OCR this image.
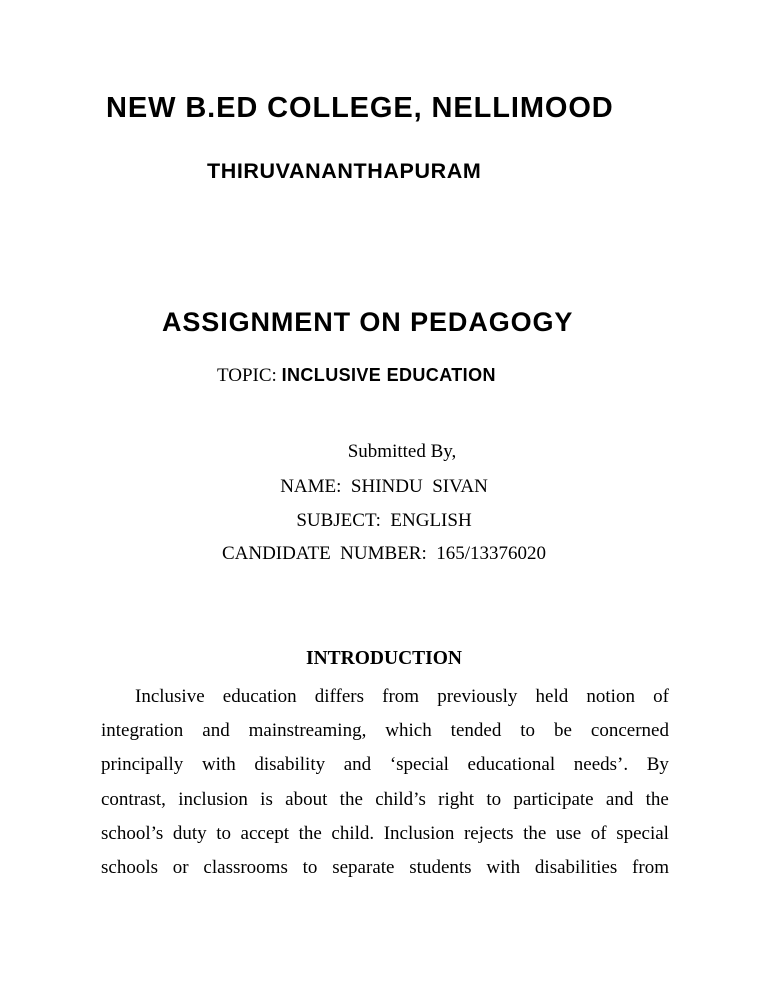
NEW B.ED COLLEGE, NELLIMOOD
THIRUVANANTHAPURAM
ASSIGNMENT ON PEDAGOGY
TOPIC: INCLUSIVE EDUCATION
Submitted By,
NAME:  SHINDU  SIVAN
SUBJECT:  ENGLISH
CANDIDATE  NUMBER:  165/13376020
INTRODUCTION
Inclusive education differs from previously held notion of
integration and mainstreaming, which tended to be concerned
principally with disability and ‘special educational needs’. By
contrast, inclusion is about the child’s right to participate and the
school’s duty to accept the child. Inclusion rejects the use of special
schools or classrooms to separate students with disabilities from
